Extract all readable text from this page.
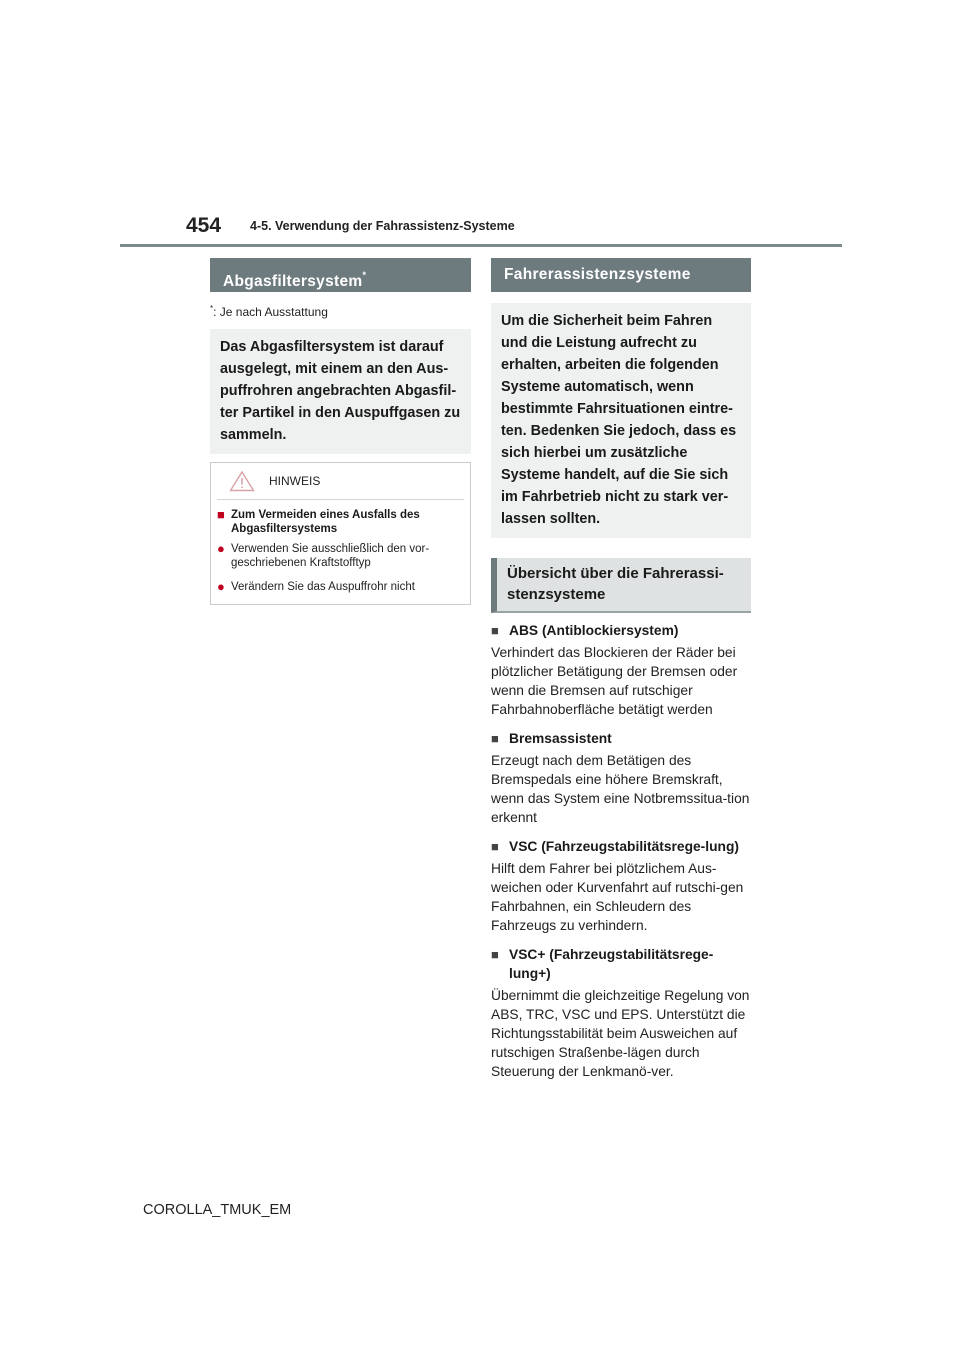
454 4-5. Verwendung der Fahrassistenz-Systeme
Abgasfiltersystem*
*: Je nach Ausstattung
Das Abgasfiltersystem ist darauf ausgelegt, mit einem an den Aus-puffrohren angebrachten Abgasfil-ter Partikel in den Auspuffgasen zu sammeln.
HINWEIS
■ Zum Vermeiden eines Ausfalls des Abgasfiltersystems
● Verwenden Sie ausschließlich den vor-geschriebenen Kraftstofftyp
● Verändern Sie das Auspuffrohr nicht
Fahrerassistenzsysteme
Um die Sicherheit beim Fahren und die Leistung aufrecht zu erhalten, arbeiten die folgenden Systeme automatisch, wenn bestimmte Fahrsituationen eintre-ten. Bedenken Sie jedoch, dass es sich hierbei um zusätzliche Systeme handelt, auf die Sie sich im Fahrbetrieb nicht zu stark ver-lassen sollten.
Übersicht über die Fahrerassi-stenzsysteme
■ ABS (Antiblockiersystem)
Verhindert das Blockieren der Räder bei plötzlicher Betätigung der Bremsen oder wenn die Bremsen auf rutschiger Fahrbahnoberfläche betätigt werden
■ Bremsassistent
Erzeugt nach dem Betätigen des Bremspedals eine höhere Bremskraft, wenn das System eine Notbremssitua-tion erkennt
■ VSC (Fahrzeugstabilitätsrege-lung)
Hilft dem Fahrer bei plötzlichem Aus-weichen oder Kurvenfahrt auf rutschi-gen Fahrbahnen, ein Schleudern des Fahrzeugs zu verhindern.
■ VSC+ (Fahrzeugstabilitätsrege-lung+)
Übernimmt die gleichzeitige Regelung von ABS, TRC, VSC und EPS. Unterstützt die Richtungsstabilität beim Ausweichen auf rutschigen Straßenbe-lägen durch Steuerung der Lenkmanö-ver.
COROLLA_TMUK_EM
